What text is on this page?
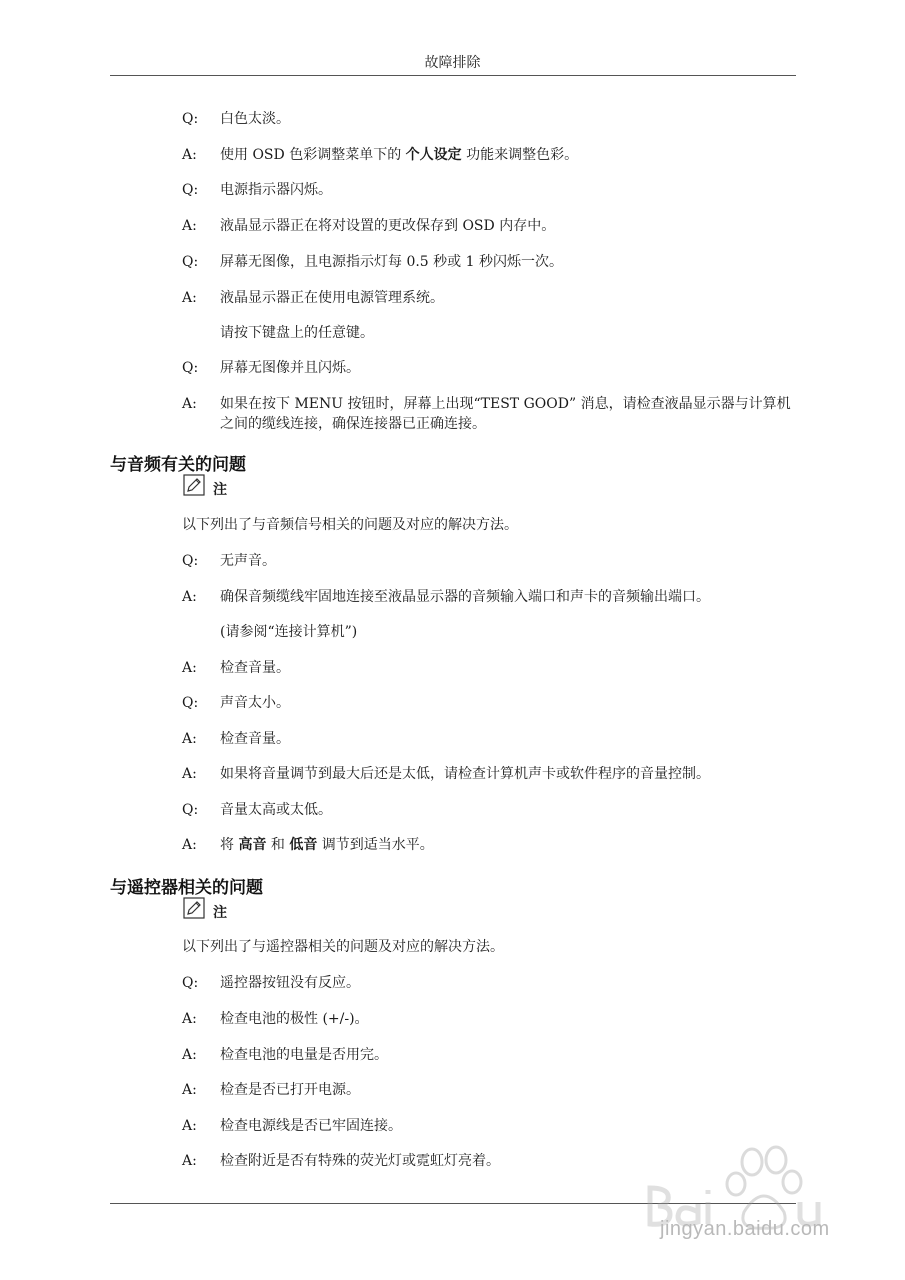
故障排除
Q: 白色太淡。
A: 使用 OSD 色彩调整菜单下的 个人设定 功能来调整色彩。
Q: 电源指示器闪烁。
A: 液晶显示器正在将对设置的更改保存到 OSD 内存中。
Q: 屏幕无图像，且电源指示灯每 0.5 秒或 1 秒闪烁一次。
A: 液晶显示器正在使用电源管理系统。
请按下键盘上的任意键。
Q: 屏幕无图像并且闪烁。
A: 如果在按下 MENU 按钮时，屏幕上出现“TEST GOOD” 消息，请检查液晶显示器与计算机之间的缆线连接，确保连接器已正确连接。
与音频有关的问题
注
以下列出了与音频信号相关的问题及对应的解决方法。
Q: 无声音。
A: 确保音频缆线牢固地连接至液晶显示器的音频输入端口和声卡的音频输出端口。
(请参阅“连接计算机”)
A: 检查音量。
Q: 声音太小。
A: 检查音量。
A: 如果将音量调节到最大后还是太低，请检查计算机声卡或软件程序的音量控制。
Q: 音量太高或太低。
A: 将 高音 和 低音 调节到适当水平。
与遥控器相关的问题
注
以下列出了与遥控器相关的问题及对应的解决方法。
Q: 遥控器按钮没有反应。
A: 检查电池的极性 (+/-)。
A: 检查电池的电量是否用完。
A: 检查是否已打开电源。
A: 检查电源线是否已牢固连接。
A: 检查附近是否有特殊的荧光灯或霓虹灯亮着。
jingyan.baidu.com
